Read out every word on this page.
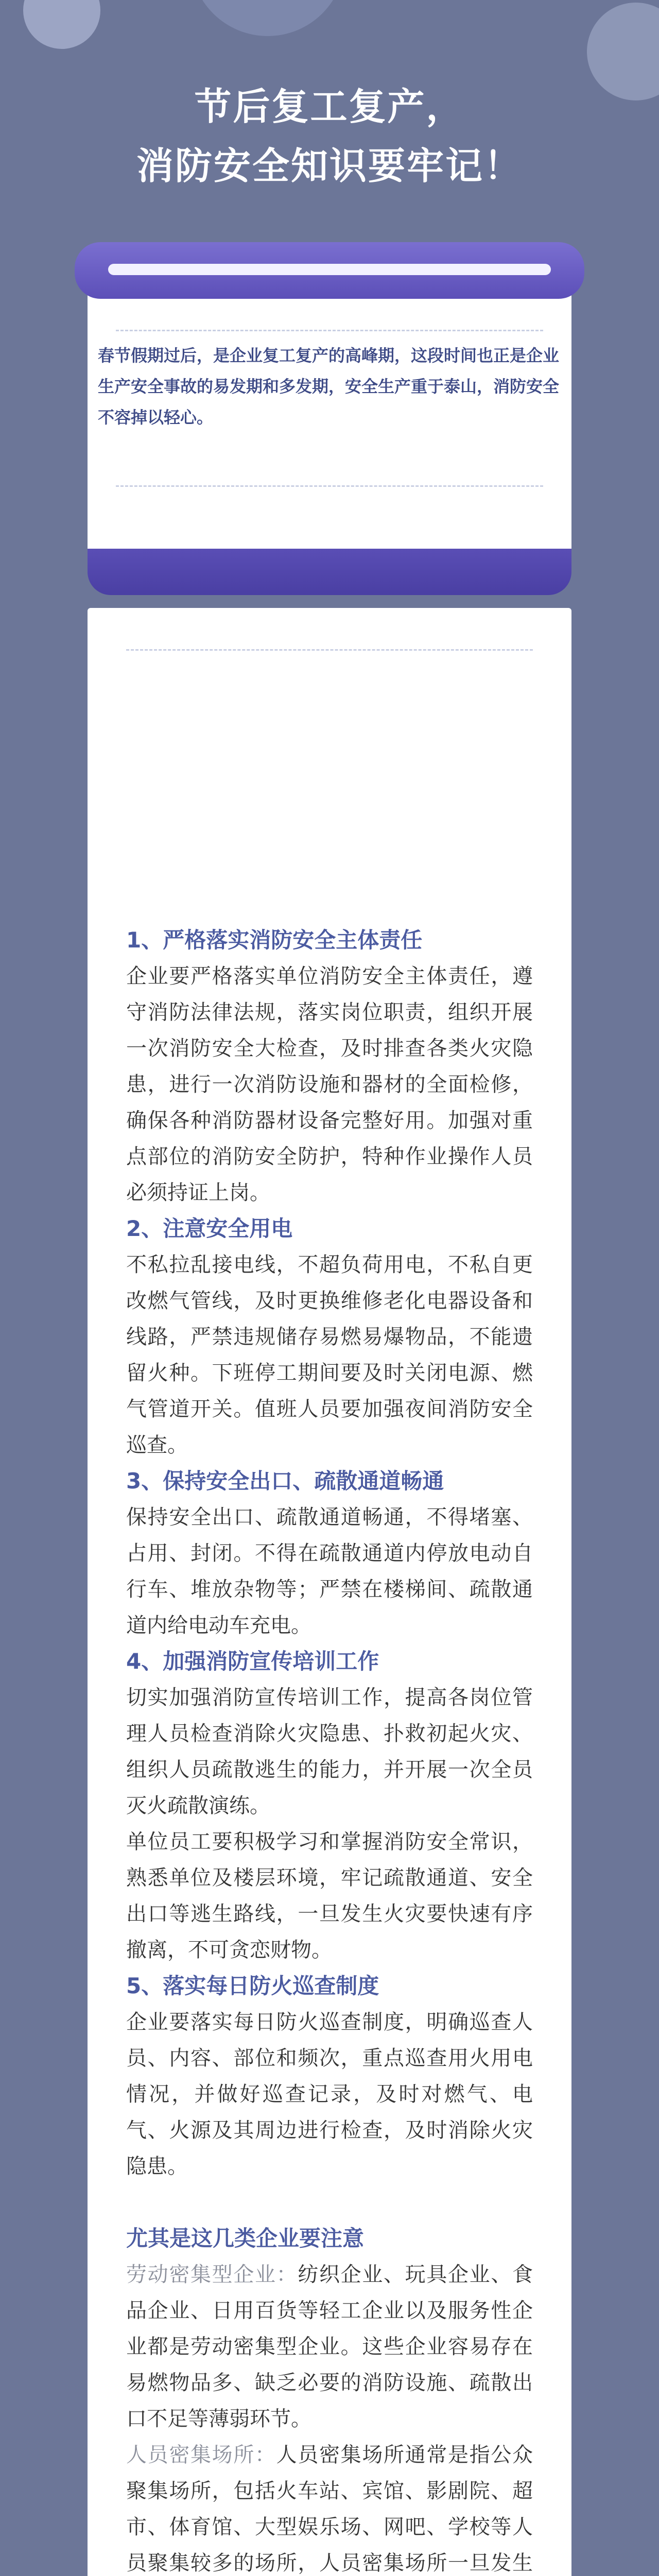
节后复工复产，
消防安全知识要牢记！
春节假期过后，是企业复工复产的高峰期，这段时间也正是企业生产安全事故的易发期和多发期，安全生产重于泰山，消防安全不容掉以轻心。
1、严格落实消防安全主体责任

企业要严格落实单位消防安全主体责任，遵守消防法律法规，落实岗位职责，组织开展一次消防安全大检查，及时排查各类火灾隐患，进行一次消防设施和器材的全面检修，确保各种消防器材设备完整好用。加强对重点部位的消防安全防护，特种作业操作人员必须持证上岗。

2、注意安全用电

不私拉乱接电线，不超负荷用电，不私自更改燃气管线，及时更换维修老化电器设备和线路，严禁违规储存易燃易爆物品，不能遗留火种。下班停工期间要及时关闭电源、燃气管道开关。值班人员要加强夜间消防安全巡查。

3、保持安全出口、疏散通道畅通

保持安全出口、疏散通道畅通，不得堵塞、占用、封闭。不得在疏散通道内停放电动自行车、堆放杂物等；严禁在楼梯间、疏散通道内给电动车充电。

4、加强消防宣传培训工作

切实加强消防宣传培训工作，提高各岗位管理人员检查消除火灾隐患、扑救初起火灾、组织人员疏散逃生的能力，并开展一次全员灭火疏散演练。

单位员工要积极学习和掌握消防安全常识，熟悉单位及楼层环境，牢记疏散通道、安全出口等逃生路线，一旦发生火灾要快速有序撤离，不可贪恋财物。

5、落实每日防火巡查制度

企业要落实每日防火巡查制度，明确巡查人员、内容、部位和频次，重点巡查用火用电情况，并做好巡查记录，及时对燃气、电气、火源及其周边进行检查，及时消除火灾隐患。

尤其是这几类企业要注意

劳动密集型企业：纺织企业、玩具企业、食品企业、日用百货等轻工企业以及服务性企业都是劳动密集型企业。这些企业容易存在易燃物品多、缺乏必要的消防设施、疏散出口不足等薄弱环节。

人员密集场所：人员密集场所通常是指公众聚集场所，包括火车站、宾馆、影剧院、超市、体育馆、大型娱乐场、网吧、学校等人员聚集较多的场所，人员密集场所一旦发生
